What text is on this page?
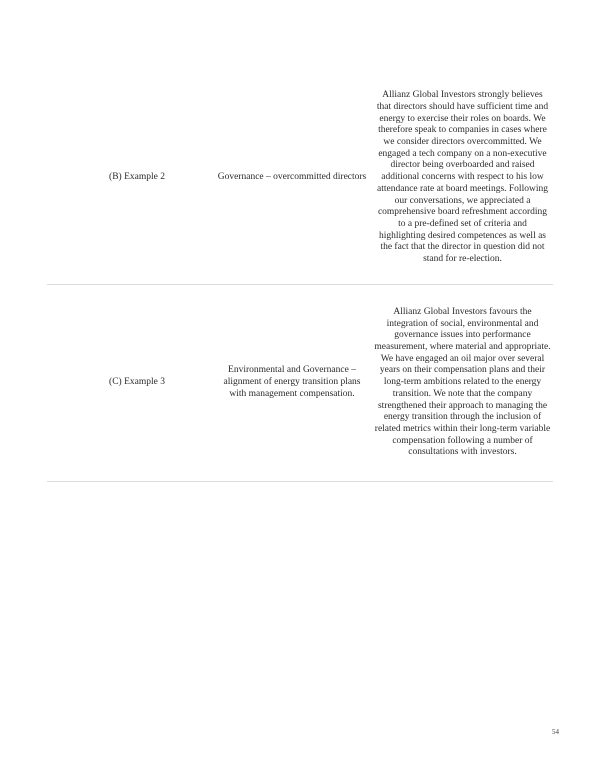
(B) Example 2	Governance – overcommitted directors
Allianz Global Investors strongly believes that directors should have sufficient time and energy to exercise their roles on boards. We therefore speak to companies in cases where we consider directors overcommitted. We engaged a tech company on a non-executive director being overboarded and raised additional concerns with respect to his low attendance rate at board meetings. Following our conversations, we appreciated a comprehensive board refreshment according to a pre-defined set of criteria and highlighting desired competences as well as the fact that the director in question did not stand for re-election.
(C) Example 3
Environmental and Governance – alignment of energy transition plans with management compensation.
Allianz Global Investors favours the integration of social, environmental and governance issues into performance measurement, where material and appropriate. We have engaged an oil major over several years on their compensation plans and their long-term ambitions related to the energy transition. We note that the company strengthened their approach to managing the energy transition through the inclusion of related metrics within their long-term variable compensation following a number of consultations with investors.
54
